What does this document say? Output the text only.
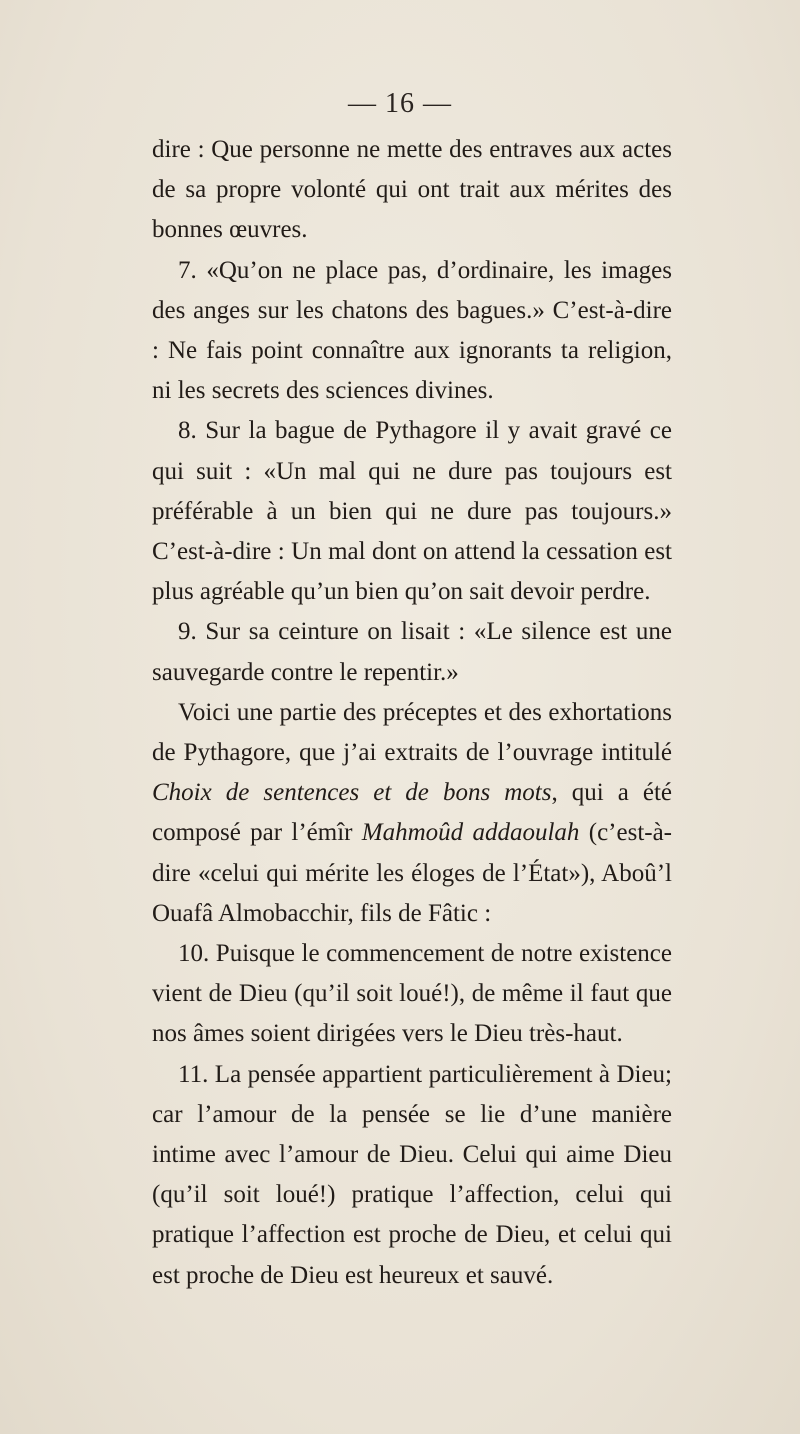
— 16 —

dire : Que personne ne mette des entraves aux actes de sa propre volonté qui ont trait aux mérites des bonnes œuvres.

7. «Qu’on ne place pas, d’ordinaire, les images des anges sur les chatons des bagues.» C’est-à-dire : Ne fais point connaître aux ignorants ta religion, ni les secrets des sciences divines.

8. Sur la bague de Pythagore il y avait gravé ce qui suit : «Un mal qui ne dure pas toujours est préférable à un bien qui ne dure pas toujours.» C’est-à-dire : Un mal dont on attend la cessation est plus agréable qu’un bien qu’on sait devoir perdre.

9. Sur sa ceinture on lisait : «Le silence est une sauvegarde contre le repentir.»

Voici une partie des préceptes et des exhortations de Pythagore, que j’ai extraits de l’ouvrage intitulé Choix de sentences et de bons mots, qui a été composé par l’émîr Mahmoûd addaoulah (c’est-à-dire «celui qui mérite les éloges de l’État»), Aboû’l Ouafâ Almobacchir, fils de Fâtic :

10. Puisque le commencement de notre existence vient de Dieu (qu’il soit loué!), de même il faut que nos âmes soient dirigées vers le Dieu très-haut.

11. La pensée appartient particulièrement à Dieu; car l’amour de la pensée se lie d’une manière intime avec l’amour de Dieu. Celui qui aime Dieu (qu’il soit loué!) pratique l’affection, celui qui pratique l’affection est proche de Dieu, et celui qui est proche de Dieu est heureux et sauvé.
